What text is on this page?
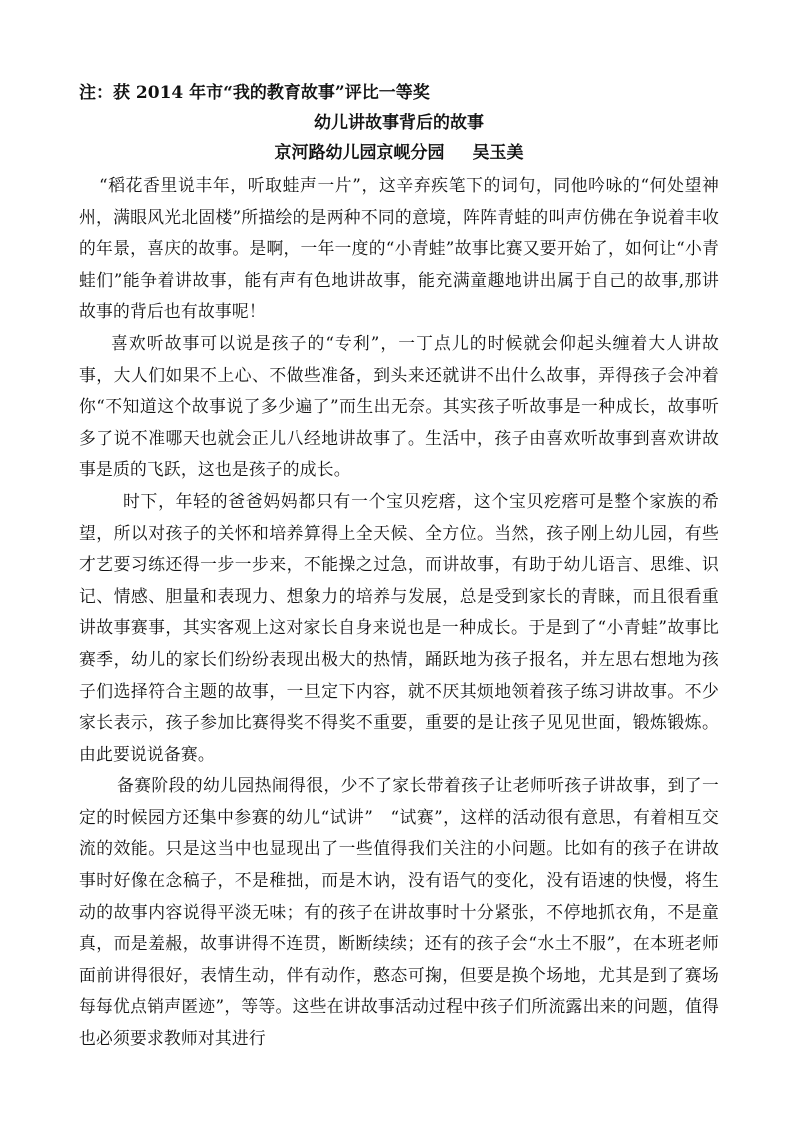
注：获 2014 年市“我的教育故事”评比一等奖
幼儿讲故事背后的故事
京河路幼儿园京岘分园 吴玉美

“稻花香里说丰年，听取蛙声一片”，这辛弃疾笔下的词句，同他吟咏的“何处望神州，满眼风光北固楼”所描绘的是两种不同的意境，阵阵青蛙的叫声仿佛在争说着丰收的年景，喜庆的故事。是啊，一年一度的“小青蛙”故事比赛又要开始了，如何让“小青蛙们”能争着讲故事，能有声有色地讲故事，能充满童趣地讲出属于自己的故事,那讲故事的背后也有故事呢！

喜欢听故事可以说是孩子的“专利”，一丁点儿的时候就会仰起头缠着大人讲故事，大人们如果不上心、不做些准备，到头来还就讲不出什么故事，弄得孩子会冲着你“不知道这个故事说了多少遍了”而生出无奈。其实孩子听故事是一种成长，故事听多了说不准哪天也就会正儿八经地讲故事了。生活中，孩子由喜欢听故事到喜欢讲故事是质的飞跃，这也是孩子的成长。

时下，年轻的爸爸妈妈都只有一个宝贝疙瘩，这个宝贝疙瘩可是整个家族的希望，所以对孩子的关怀和培养算得上全天候、全方位。当然，孩子刚上幼儿园，有些才艺要习练还得一步一步来，不能操之过急，而讲故事，有助于幼儿语言、思维、识记、情感、胆量和表现力、想象力的培养与发展，总是受到家长的青睐，而且很看重讲故事赛事，其实客观上这对家长自身来说也是一种成长。于是到了“小青蛙”故事比赛季，幼儿的家长们纷纷表现出极大的热情，踊跃地为孩子报名，并左思右想地为孩子们选择符合主题的故事，一旦定下内容，就不厌其烦地领着孩子练习讲故事。不少家长表示，孩子参加比赛得奖不得奖不重要，重要的是让孩子见见世面，锻炼锻炼。由此要说说备赛。

备赛阶段的幼儿园热闹得很，少不了家长带着孩子让老师听孩子讲故事，到了一定的时候园方还集中参赛的幼儿“试讲”　“试赛”，这样的活动很有意思，有着相互交流的效能。只是这当中也显现出了一些值得我们关注的小问题。比如有的孩子在讲故事时好像在念稿子，不是稚拙，而是木讷，没有语气的变化，没有语速的快慢，将生动的故事内容说得平淡无味；有的孩子在讲故事时十分紧张，不停地抓衣角，不是童真，而是羞赧，故事讲得不连贯，断断续续；还有的孩子会“水土不服”，在本班老师面前讲得很好，表情生动，伴有动作，憨态可掬，但要是换个场地，尤其是到了赛场每每优点销声匿迹”，等等。这些在讲故事活动过程中孩子们所流露出来的问题，值得也必须要求教师对其进行
